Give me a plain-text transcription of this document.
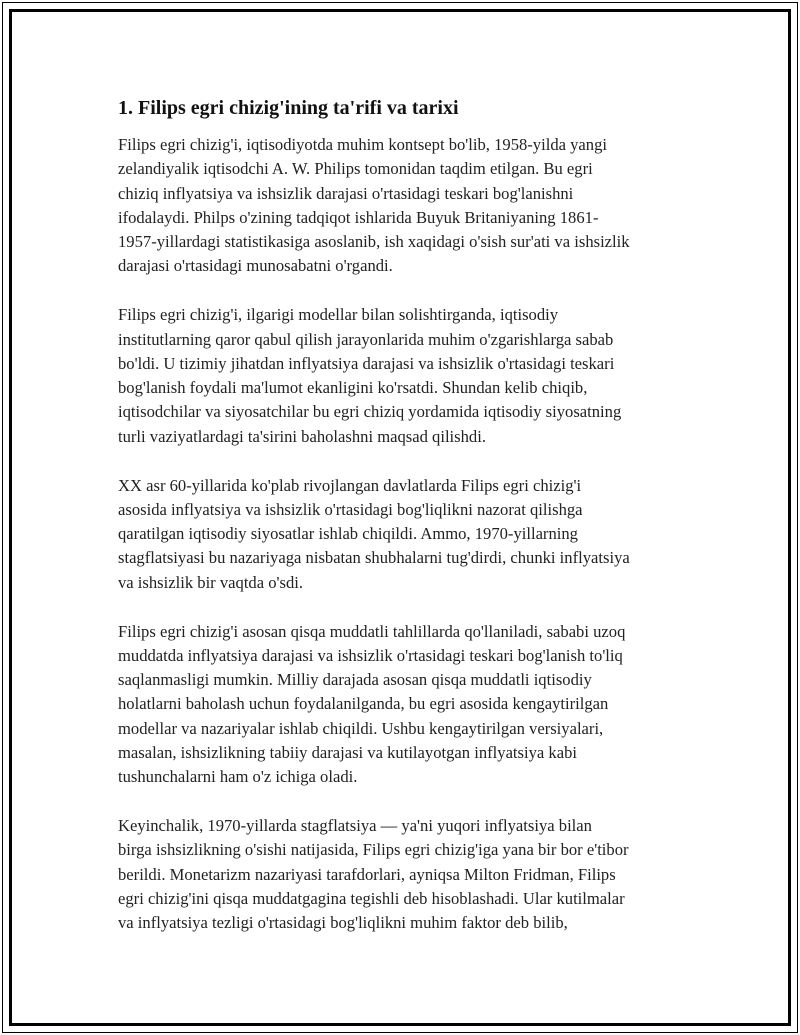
1. Filips egri chizig'ining ta'rifi va tarixi

Filips egri chizig'i, iqtisodiyotda muhim kontsept bo'lib, 1958-yilda yangi
zelandiyalik iqtisodchi A. W. Philips tomonidan taqdim etilgan. Bu egri
chiziq inflyatsiya va ishsizlik darajasi o'rtasidagi teskari bog'lanishni
ifodalaydi. Philps o'zining tadqiqot ishlarida Buyuk Britaniyaning 1861-
1957-yillardagi statistikasiga asoslanib, ish xaqidagi o'sish sur'ati va ishsizlik
darajasi o'rtasidagi munosabatni o'rgandi.

Filips egri chizig'i, ilgarigi modellar bilan solishtirganda, iqtisodiy
institutlarning qaror qabul qilish jarayonlarida muhim o'zgarishlarga sabab
bo'ldi. U tizimiy jihatdan inflyatsiya darajasi va ishsizlik o'rtasidagi teskari
bog'lanish foydali ma'lumot ekanligini ko'rsatdi. Shundan kelib chiqib,
iqtisodchilar va siyosatchilar bu egri chiziq yordamida iqtisodiy siyosatning
turli vaziyatlardagi ta'sirini baholashni maqsad qilishdi.

XX asr 60-yillarida ko'plab rivojlangan davlatlarda Filips egri chizig'i
asosida inflyatsiya va ishsizlik o'rtasidagi bog'liqlikni nazorat qilishga
qaratilgan iqtisodiy siyosatlar ishlab chiqildi. Ammo, 1970-yillarning
stagflatsiyasi bu nazariyaga nisbatan shubhalarni tug'dirdi, chunki inflyatsiya
va ishsizlik bir vaqtda o'sdi.

Filips egri chizig'i asosan qisqa muddatli tahlillarda qo'llaniladi, sababi uzoq
muddatda inflyatsiya darajasi va ishsizlik o'rtasidagi teskari bog'lanish to'liq
saqlanmasligi mumkin. Milliy darajada asosan qisqa muddatli iqtisodiy
holatlarni baholash uchun foydalanilganda, bu egri asosida kengaytirilgan
modellar va nazariyalar ishlab chiqildi. Ushbu kengaytirilgan versiyalari,
masalan, ishsizlikning tabiiy darajasi va kutilayotgan inflyatsiya kabi
tushunchalarni ham o'z ichiga oladi.

Keyinchalik, 1970-yillarda stagflatsiya — ya'ni yuqori inflyatsiya bilan
birga ishsizlikning o'sishi natijasida, Filips egri chizig'iga yana bir bor e'tibor
berildi. Monetarizm nazariyasi tarafdorlari, ayniqsa Milton Fridman, Filips
egri chizig'ini qisqa muddatgagina tegishli deb hisoblashadi. Ular kutilmalar
va inflyatsiya tezligi o'rtasidagi bog'liqlikni muhim faktor deb bilib,
